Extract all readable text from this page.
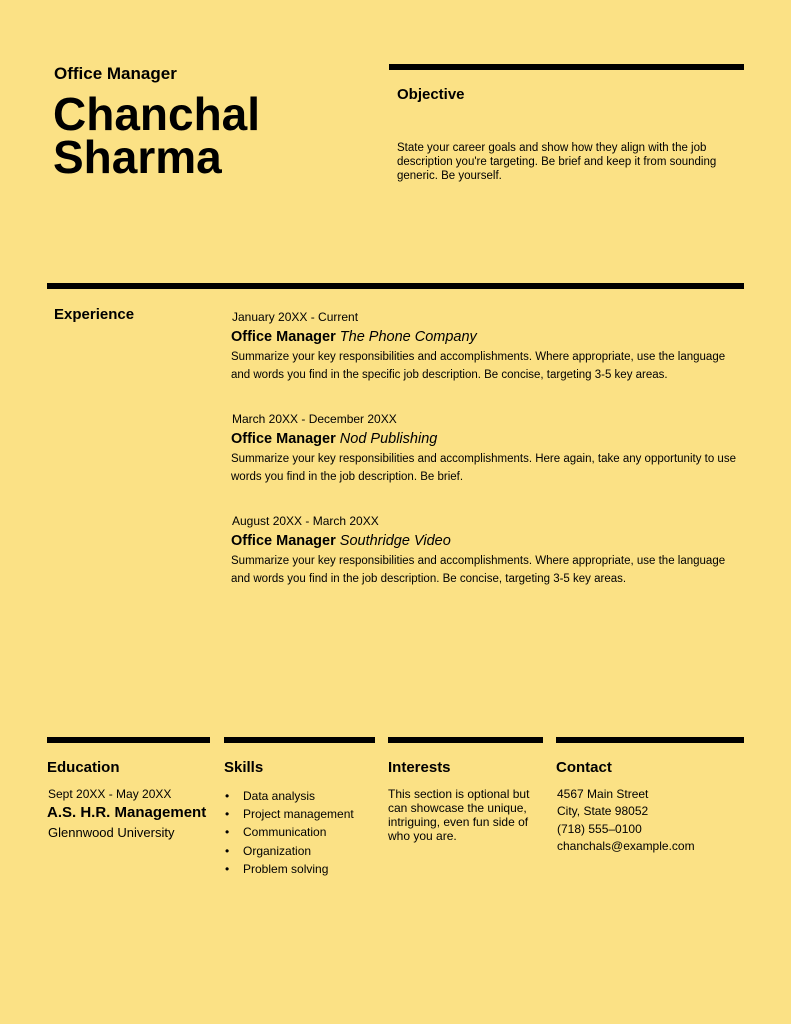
Office Manager
Chanchal
Sharma
Objective
State your career goals and show how they align with the job description you're targeting. Be brief and keep it from sounding generic. Be yourself.
Experience	January 20XX - Current
Office Manager The Phone Company
Summarize your key responsibilities and accomplishments. Where appropriate, use the language and words you find in the specific job description. Be concise, targeting 3-5 key areas.
March 20XX - December 20XX
Office Manager Nod Publishing
Summarize your key responsibilities and accomplishments. Here again, take any opportunity to use words you find in the job description. Be brief.
August 20XX - March 20XX
Office Manager Southridge Video
Summarize your key responsibilities and accomplishments. Where appropriate, use the language and words you find in the job description. Be concise, targeting 3-5 key areas.
Education
Sept 20XX - May 20XX
A.S. H.R. Management
Glennwood University
Skills
• Data analysis
• Project management
• Communication
• Organization
• Problem solving
Interests
This section is optional but can showcase the unique, intriguing, even fun side of who you are.
Contact
4567 Main Street
City, State 98052
(718) 555–0100
chanchals@example.com
